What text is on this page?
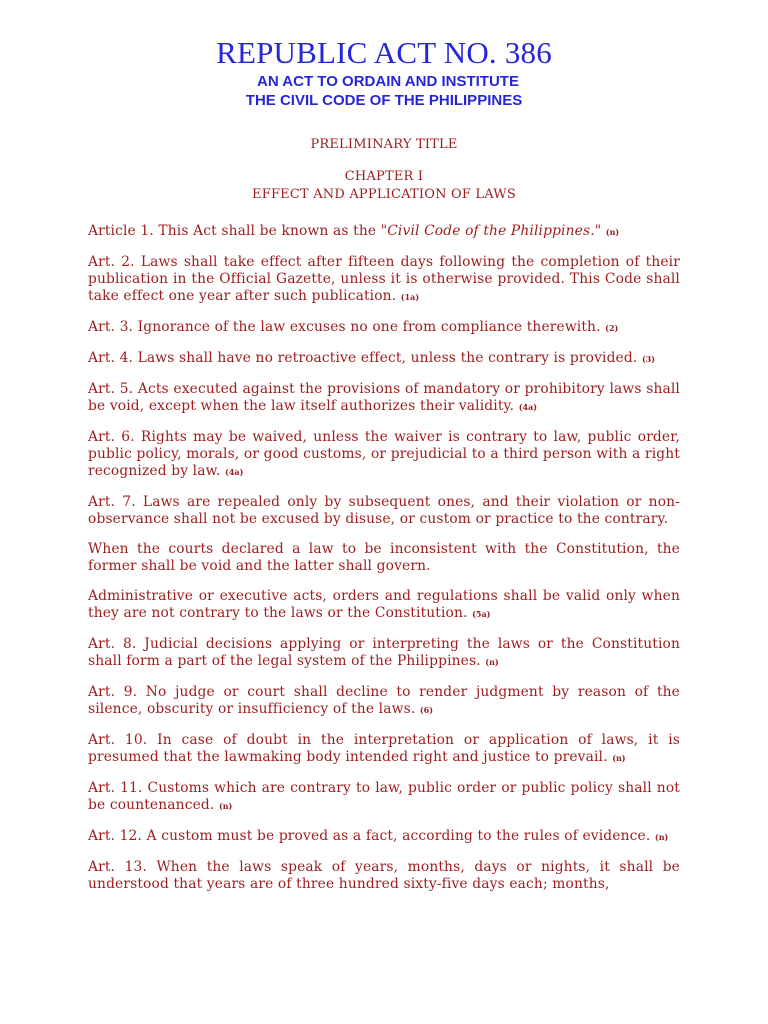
REPUBLIC ACT NO. 386

AN ACT TO ORDAIN AND INSTITUTE

THE CIVIL CODE OF THE PHILIPPINES

PRELIMINARY TITLE

CHAPTER I

EFFECT AND APPLICATION OF LAWS

Article 1. This Act shall be known as the "Civil Code of the Philippines." (n)

Art. 2. Laws shall take effect after fifteen days following the completion of their publication in the Official Gazette, unless it is otherwise provided. This Code shall take effect one year after such publication. (1a)

Art. 3. Ignorance of the law excuses no one from compliance therewith. (2)

Art. 4. Laws shall have no retroactive effect, unless the contrary is provided. (3)

Art. 5. Acts executed against the provisions of mandatory or prohibitory laws shall be void, except when the law itself authorizes their validity. (4a)

Art. 6. Rights may be waived, unless the waiver is contrary to law, public order, public policy, morals, or good customs, or prejudicial to a third person with a right recognized by law. (4a)

Art. 7. Laws are repealed only by subsequent ones, and their violation or non-observance shall not be excused by disuse, or custom or practice to the contrary.

When the courts declared a law to be inconsistent with the Constitution, the former shall be void and the latter shall govern.

Administrative or executive acts, orders and regulations shall be valid only when they are not contrary to the laws or the Constitution. (5a)

Art. 8. Judicial decisions applying or interpreting the laws or the Constitution shall form a part of the legal system of the Philippines. (n)

Art. 9. No judge or court shall decline to render judgment by reason of the silence, obscurity or insufficiency of the laws. (6)

Art. 10. In case of doubt in the interpretation or application of laws, it is presumed that the lawmaking body intended right and justice to prevail. (n)

Art. 11. Customs which are contrary to law, public order or public policy shall not be countenanced. (n)

Art. 12. A custom must be proved as a fact, according to the rules of evidence. (n)

Art. 13. When the laws speak of years, months, days or nights, it shall be understood that years are of three hundred sixty-five days each; months,
